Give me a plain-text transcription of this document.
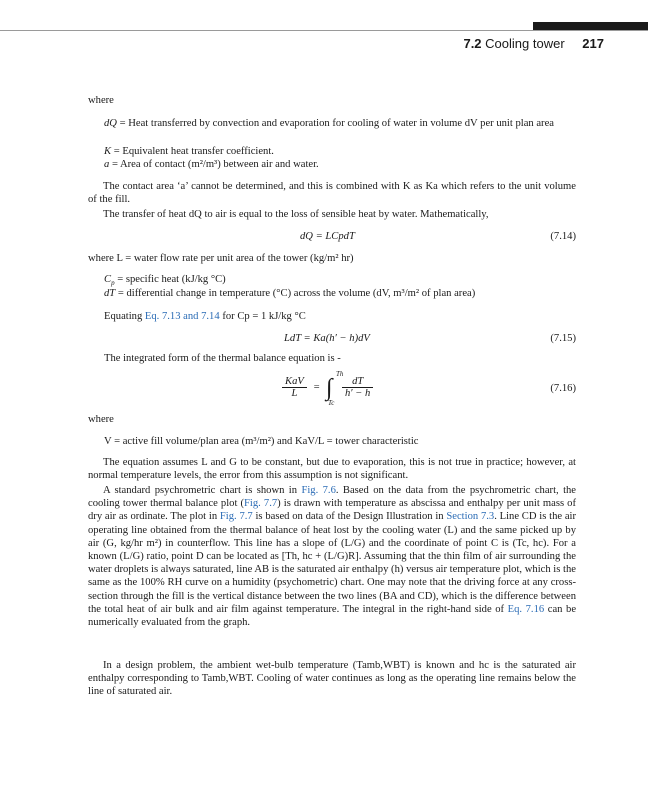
7.2 Cooling tower 217
where
dQ = Heat transferred by convection and evaporation for cooling of water in volume dV per unit plan area
K = Equivalent heat transfer coefficient.
a = Area of contact (m²/m³) between air and water.
The contact area ‘a’ cannot be determined, and this is combined with K as Ka which refers to the unit volume of the fill.
The transfer of heat dQ to air is equal to the loss of sensible heat by water. Mathematically,
dQ = LCpdT	(7.14)
where L = water flow rate per unit area of the tower (kg/m² hr)
$C_p$ = specific heat (kJ/kg °C)
dT = differential change in temperature (°C) across the volume (dV, m³/m² of plan area)
Equating Eq. 7.13 and 7.14 for Cp = 1 kJ/kg °C
LdT = Ka(h′ − h)dV	(7.15)
The integrated form of the thermal balance equation is -
KaV
L
= ∫
Th
Tc
$\frac{dT}{h' - h}$	(7.16)
where
V = active fill volume/plan area (m³/m²) and KaV/L = tower characteristic
The equation assumes L and G to be constant, but due to evaporation, this is not true in practice; however, at normal temperature levels, the error from this assumption is not significant.
A standard psychrometric chart is shown in Fig. 7.6. Based on the data from the psychrometric chart, the cooling tower thermal balance plot (Fig. 7.7) is drawn with temperature as abscissa and enthalpy per unit mass of dry air as ordinate. The plot in Fig. 7.7 is based on data of the Design Illustration in Section 7.3. Line CD is the air operating line obtained from the thermal balance of heat lost by the cooling water (L) and the same picked up by air (G, kg/hr m²) in counterflow. This line has a slope of (L/G) and the coordinate of point C is (Tc, hc). For a known (L/G) ratio, point D can be located as [Th, hc + (L/G)R]. Assuming that the thin film of air surrounding the water droplets is always saturated, line AB is the saturated air enthalpy (h) versus air temperature plot, which is the same as the 100% RH curve on a humidity (psychometric) chart. One may note that the driving force at any cross-section through the fill is the vertical distance between the two lines (BA and CD), which is the difference between the total heat of air bulk and air film against temperature. The integral in the right-hand side of Eq. 7.16 can be numerically evaluated from the graph.
In a design problem, the ambient wet-bulb temperature (Tamb,WBT) is known and hc is the saturated air enthalpy corresponding to Tamb,WBT. Cooling of water continues as long as the operating line remains below the line of saturated air.
